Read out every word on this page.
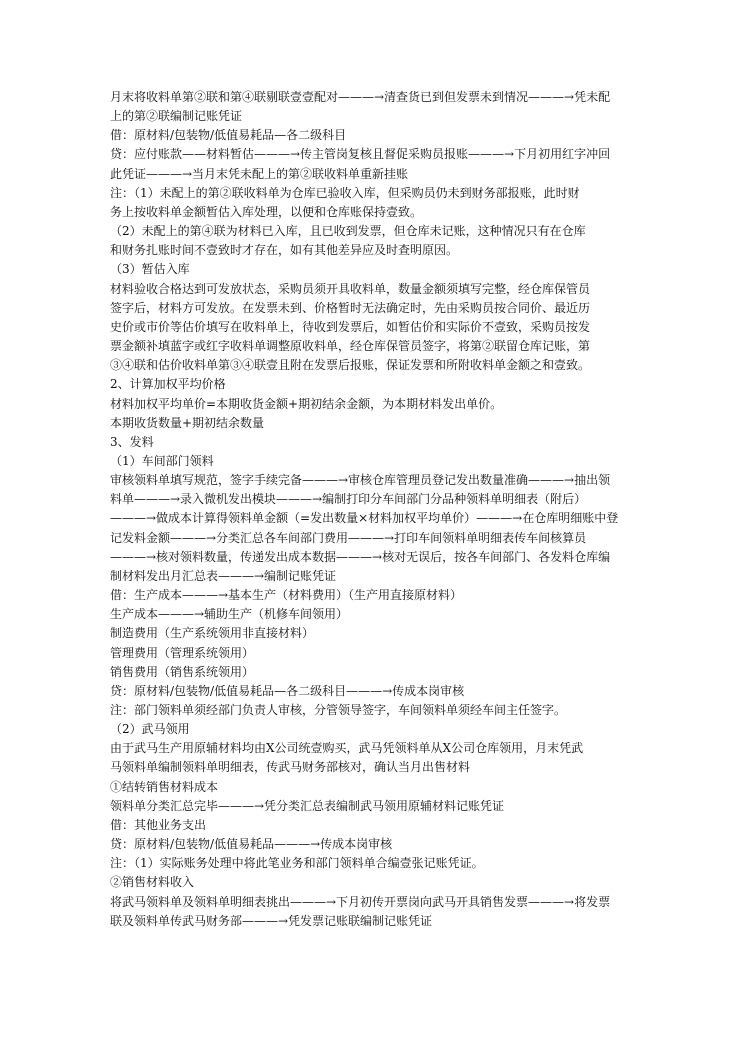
月末将收料单第②联和第④联剔联壹壹配对———→清查货已到但发票未到情况———→凭未配

上的第②联编制记账凭证

借：原材料/包装物/低值易耗品—各二级科目

贷：应付账款——材料暂估———→传主管岗复核且督促采购员报账———→下月初用红字冲回

此凭证———→当月末凭未配上的第②联收料单重新挂账

注：（1）未配上的第②联收料单为仓库已验收入库，但采购员仍未到财务部报账，此时财

务上按收料单金额暂估入库处理，以便和仓库账保持壹致。

（2）未配上的第④联为材料已入库，且已收到发票，但仓库未记账，这种情况只有在仓库

和财务扎账时间不壹致时才存在，如有其他差异应及时查明原因。

（3）暂估入库

材料验收合格达到可发放状态，采购员须开具收料单，数量金额须填写完整，经仓库保管员

签字后，材料方可发放。在发票未到、价格暂时无法确定时，先由采购员按合同价、最近历

史价或市价等估价填写在收料单上，待收到发票后，如暂估价和实际价不壹致，采购员按发

票金额补填蓝字或红字收料单调整原收料单，经仓库保管员签字，将第②联留仓库记账，第

③④联和估价收料单第③④联壹且附在发票后报账，保证发票和所附收料单金额之和壹致。

2、计算加权平均价格

材料加权平均单价=本期收货金额+期初结余金额，为本期材料发出单价。

本期收货数量+期初结余数量

3、发料

（1）车间部门领料

审核领料单填写规范，签字手续完备———→审核仓库管理员登记发出数量准确———→抽出领

料单———→录入微机发出模块———→编制打印分车间部门分品种领料单明细表（附后）

———→做成本计算得领料单金额（=发出数量×材料加权平均单价）———→在仓库明细账中登

记发料金额———→分类汇总各车间部门费用———→打印车间领料单明细表传车间核算员

———→核对领料数量，传递发出成本数据———→核对无误后，按各车间部门、各发料仓库编

制材料发出月汇总表———→编制记账凭证

借：生产成本———→基本生产（材料费用）（生产用直接原材料）

生产成本———→辅助生产（机修车间领用）

制造费用（生产系统领用非直接材料）

管理费用（管理系统领用）

销售费用（销售系统领用）

贷：原材料/包装物/低值易耗品—各二级科目———→传成本岗审核

注：部门领料单须经部门负责人审核，分管领导签字，车间领料单须经车间主任签字。

（2）武马领用

由于武马生产用原辅材料均由X公司统壹购买，武马凭领料单从X公司仓库领用，月末凭武

马领料单编制领料单明细表，传武马财务部核对，确认当月出售材料

①结转销售材料成本

领料单分类汇总完毕———→凭分类汇总表编制武马领用原辅材料记账凭证

借：其他业务支出

贷：原材料/包装物/低值易耗品———→传成本岗审核

注：（1）实际账务处理中将此笔业务和部门领料单合编壹张记账凭证。

②销售材料收入

将武马领料单及领料单明细表挑出———→下月初传开票岗向武马开具销售发票———→将发票

联及领料单传武马财务部———→凭发票记账联编制记账凭证
